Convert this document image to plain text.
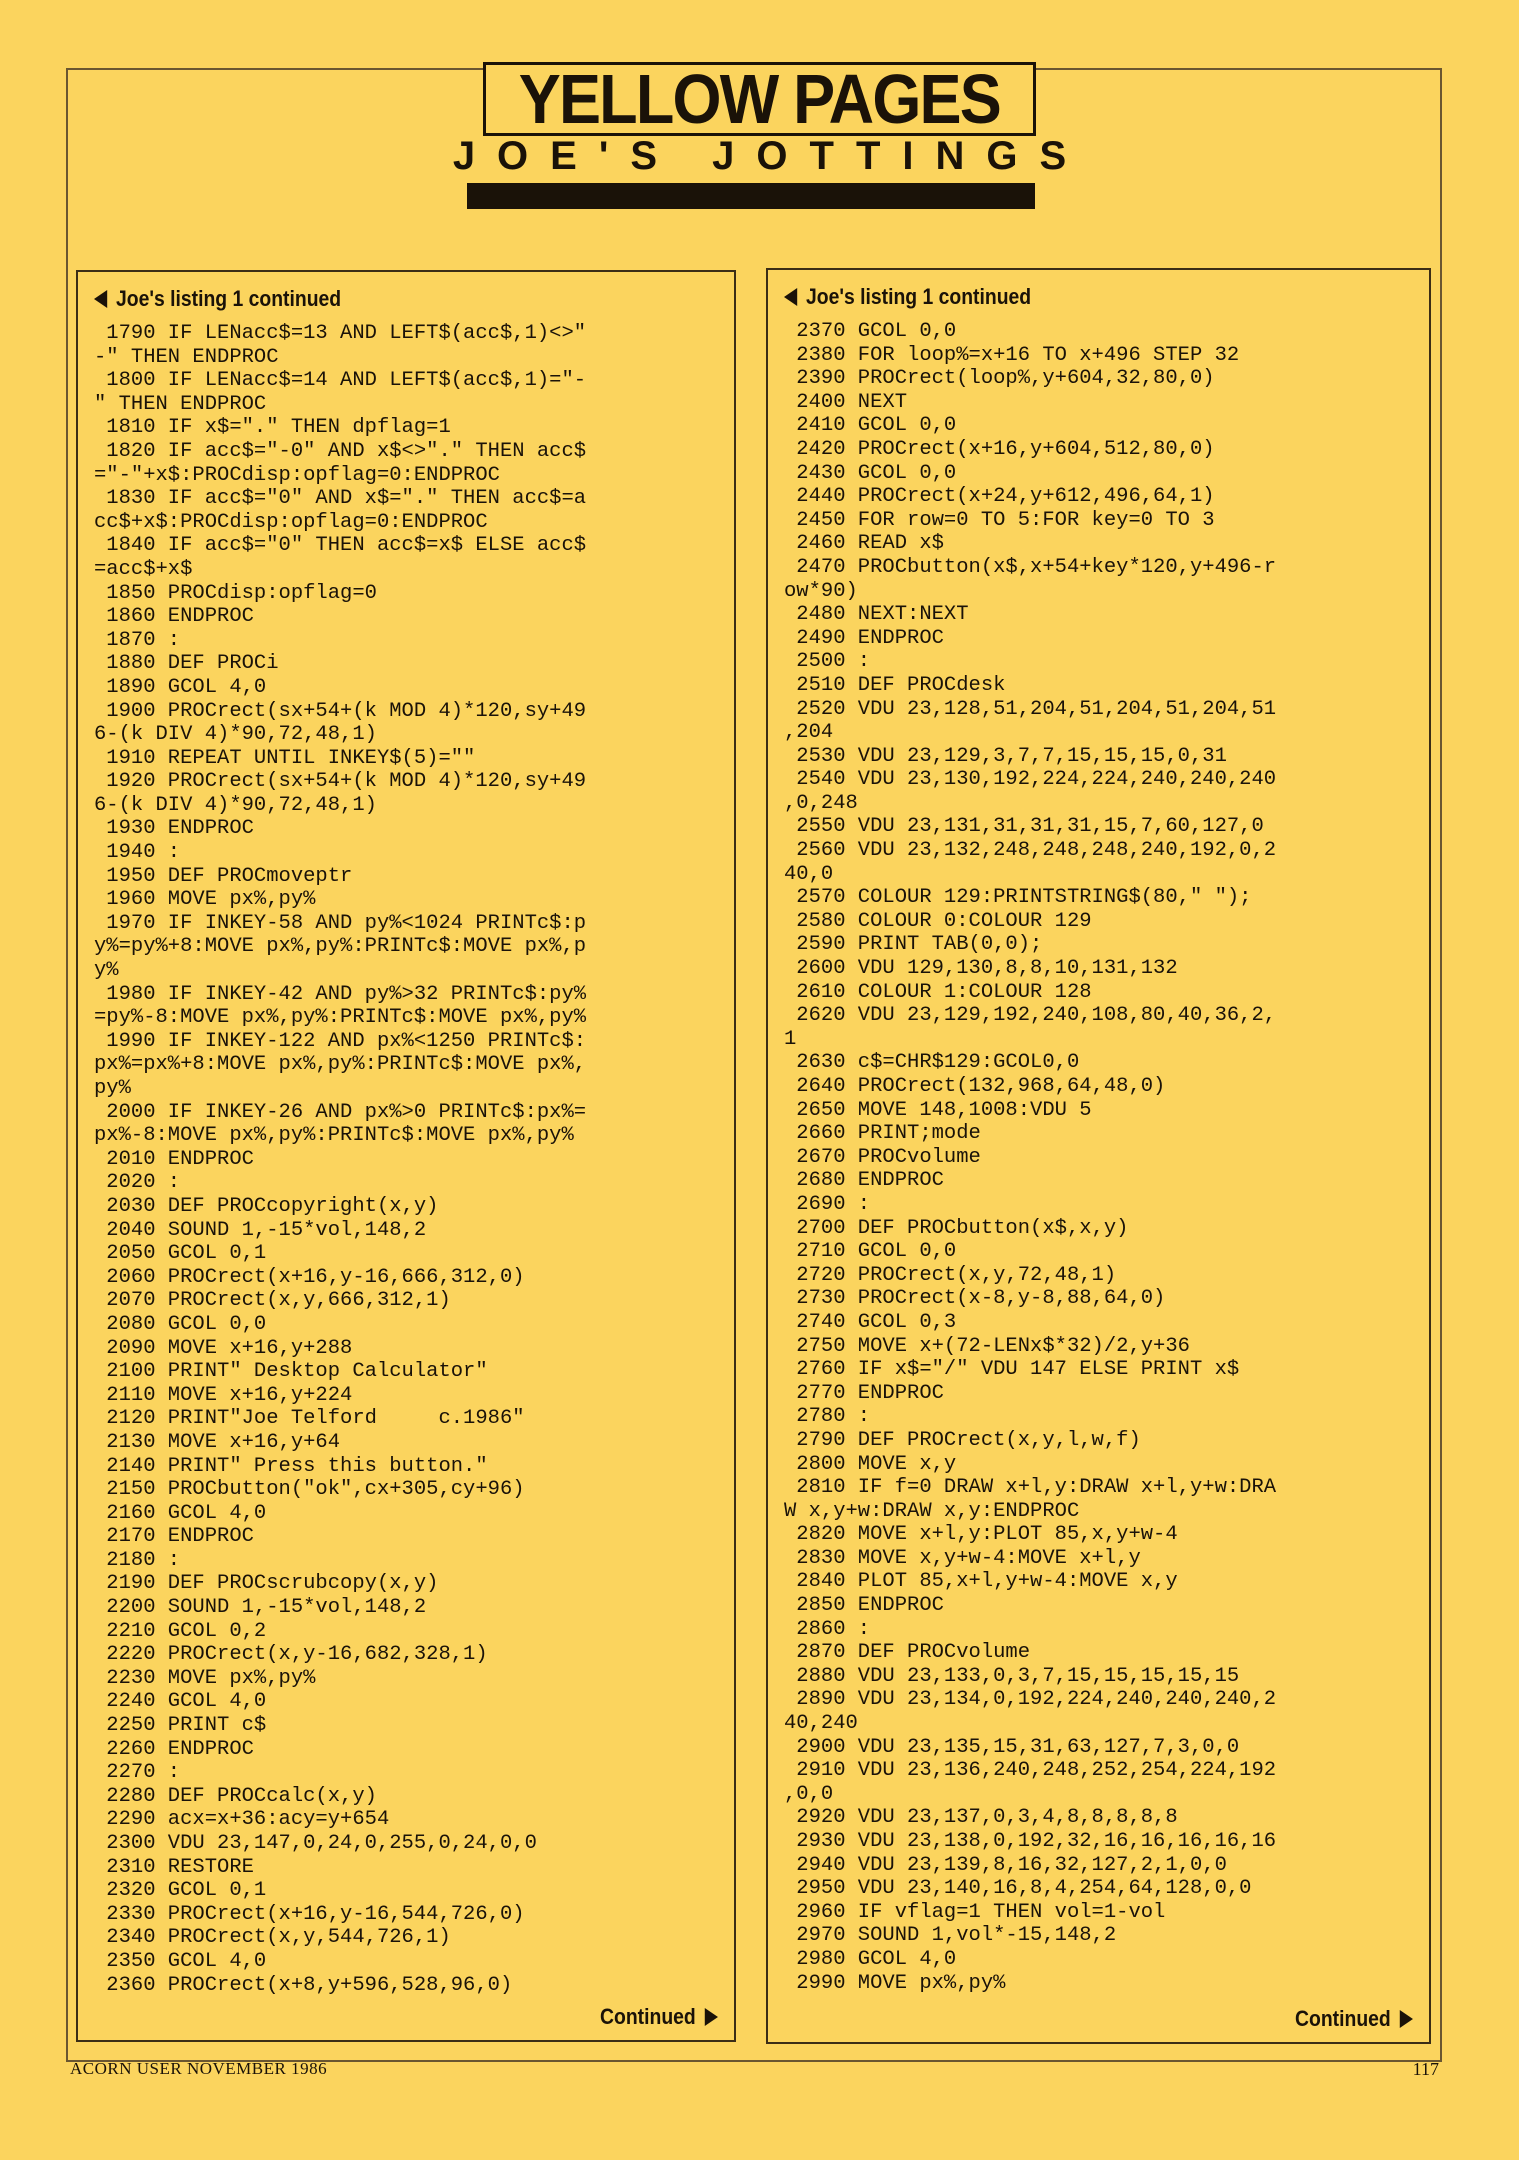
YELLOW PAGES
JOE'S JOTTINGS
Joe's listing 1 continued
1790 IF LENacc$=13 AND LEFT$(acc$,1)<>"
-" THEN ENDPROC
1800 IF LENacc$=14 AND LEFT$(acc$,1)="-
" THEN ENDPROC
1810 IF x$="." THEN dpflag=1
1820 IF acc$="-0" AND x$<>"." THEN acc$
="-"+x$:PROCdisp:opflag=0:ENDPROC
1830 IF acc$="0" AND x$="." THEN acc$=a
cc$+x$:PROCdisp:opflag=0:ENDPROC
1840 IF acc$="0" THEN acc$=x$ ELSE acc$
=acc$+x$
1850 PROCdisp:opflag=0
1860 ENDPROC
1870 :
1880 DEF PROCi
1890 GCOL 4,0
1900 PROCrect(sx+54+(k MOD 4)*120,sy+49
6-(k DIV 4)*90,72,48,1)
1910 REPEAT UNTIL INKEY$(5)=""
1920 PROCrect(sx+54+(k MOD 4)*120,sy+49
6-(k DIV 4)*90,72,48,1)
1930 ENDPROC
1940 :
1950 DEF PROCmoveptr
1960 MOVE px%,py%
1970 IF INKEY-58 AND py%<1024 PRINTc$:p
y%=py%+8:MOVE px%,py%:PRINTc$:MOVE px%,p
y%
1980 IF INKEY-42 AND py%>32 PRINTc$:py%
=py%-8:MOVE px%,py%:PRINTc$:MOVE px%,py%
1990 IF INKEY-122 AND px%<1250 PRINTc$:
px%=px%+8:MOVE px%,py%:PRINTc$:MOVE px%,
py%
2000 IF INKEY-26 AND px%>0 PRINTc$:px%=
px%-8:MOVE px%,py%:PRINTc$:MOVE px%,py%
2010 ENDPROC
2020 :
2030 DEF PROCcopyright(x,y)
2040 SOUND 1,-15*vol,148,2
2050 GCOL 0,1
2060 PROCrect(x+16,y-16,666,312,0)
2070 PROCrect(x,y,666,312,1)
2080 GCOL 0,0
2090 MOVE x+16,y+288
2100 PRINT" Desktop Calculator"
2110 MOVE x+16,y+224
2120 PRINT"Joe Telford     c.1986"
2130 MOVE x+16,y+64
2140 PRINT" Press this button."
2150 PROCbutton("ok",cx+305,cy+96)
2160 GCOL 4,0
2170 ENDPROC
2180 :
2190 DEF PROCscrubcopy(x,y)
2200 SOUND 1,-15*vol,148,2
2210 GCOL 0,2
2220 PROCrect(x,y-16,682,328,1)
2230 MOVE px%,py%
2240 GCOL 4,0
2250 PRINT c$
2260 ENDPROC
2270 :
2280 DEF PROCcalc(x,y)
2290 acx=x+36:acy=y+654
2300 VDU 23,147,0,24,0,255,0,24,0,0
2310 RESTORE
2320 GCOL 0,1
2330 PROCrect(x+16,y-16,544,726,0)
2340 PROCrect(x,y,544,726,1)
2350 GCOL 4,0
2360 PROCrect(x+8,y+596,528,96,0)
Continued
Joe's listing 1 continued
2370 GCOL 0,0
2380 FOR loop%=x+16 TO x+496 STEP 32
2390 PROCrect(loop%,y+604,32,80,0)
2400 NEXT
2410 GCOL 0,0
2420 PROCrect(x+16,y+604,512,80,0)
2430 GCOL 0,0
2440 PROCrect(x+24,y+612,496,64,1)
2450 FOR row=0 TO 5:FOR key=0 TO 3
2460 READ x$
2470 PROCbutton(x$,x+54+key*120,y+496-r
ow*90)
2480 NEXT:NEXT
2490 ENDPROC
2500 :
2510 DEF PROCdesk
2520 VDU 23,128,51,204,51,204,51,204,51
,204
2530 VDU 23,129,3,7,7,15,15,15,0,31
2540 VDU 23,130,192,224,224,240,240,240
,0,248
2550 VDU 23,131,31,31,31,15,7,60,127,0
2560 VDU 23,132,248,248,248,240,192,0,2
40,0
2570 COLOUR 129:PRINTSTRING$(80," ");
2580 COLOUR 0:COLOUR 129
2590 PRINT TAB(0,0);
2600 VDU 129,130,8,8,10,131,132
2610 COLOUR 1:COLOUR 128
2620 VDU 23,129,192,240,108,80,40,36,2,
1
2630 c$=CHR$129:GCOL0,0
2640 PROCrect(132,968,64,48,0)
2650 MOVE 148,1008:VDU 5
2660 PRINT;mode
2670 PROCvolume
2680 ENDPROC
2690 :
2700 DEF PROCbutton(x$,x,y)
2710 GCOL 0,0
2720 PROCrect(x,y,72,48,1)
2730 PROCrect(x-8,y-8,88,64,0)
2740 GCOL 0,3
2750 MOVE x+(72-LENx$*32)/2,y+36
2760 IF x$="/" VDU 147 ELSE PRINT x$
2770 ENDPROC
2780 :
2790 DEF PROCrect(x,y,l,w,f)
2800 MOVE x,y
2810 IF f=0 DRAW x+l,y:DRAW x+l,y+w:DRA
W x,y+w:DRAW x,y:ENDPROC
2820 MOVE x+l,y:PLOT 85,x,y+w-4
2830 MOVE x,y+w-4:MOVE x+l,y
2840 PLOT 85,x+l,y+w-4:MOVE x,y
2850 ENDPROC
2860 :
2870 DEF PROCvolume
2880 VDU 23,133,0,3,7,15,15,15,15,15
2890 VDU 23,134,0,192,224,240,240,240,2
40,240
2900 VDU 23,135,15,31,63,127,7,3,0,0
2910 VDU 23,136,240,248,252,254,224,192
,0,0
2920 VDU 23,137,0,3,4,8,8,8,8,8
2930 VDU 23,138,0,192,32,16,16,16,16,16
2940 VDU 23,139,8,16,32,127,2,1,0,0
2950 VDU 23,140,16,8,4,254,64,128,0,0
2960 IF vflag=1 THEN vol=1-vol
2970 SOUND 1,vol*-15,148,2
2980 GCOL 4,0
2990 MOVE px%,py%
Continued
ACORN USER NOVEMBER 1986	117
